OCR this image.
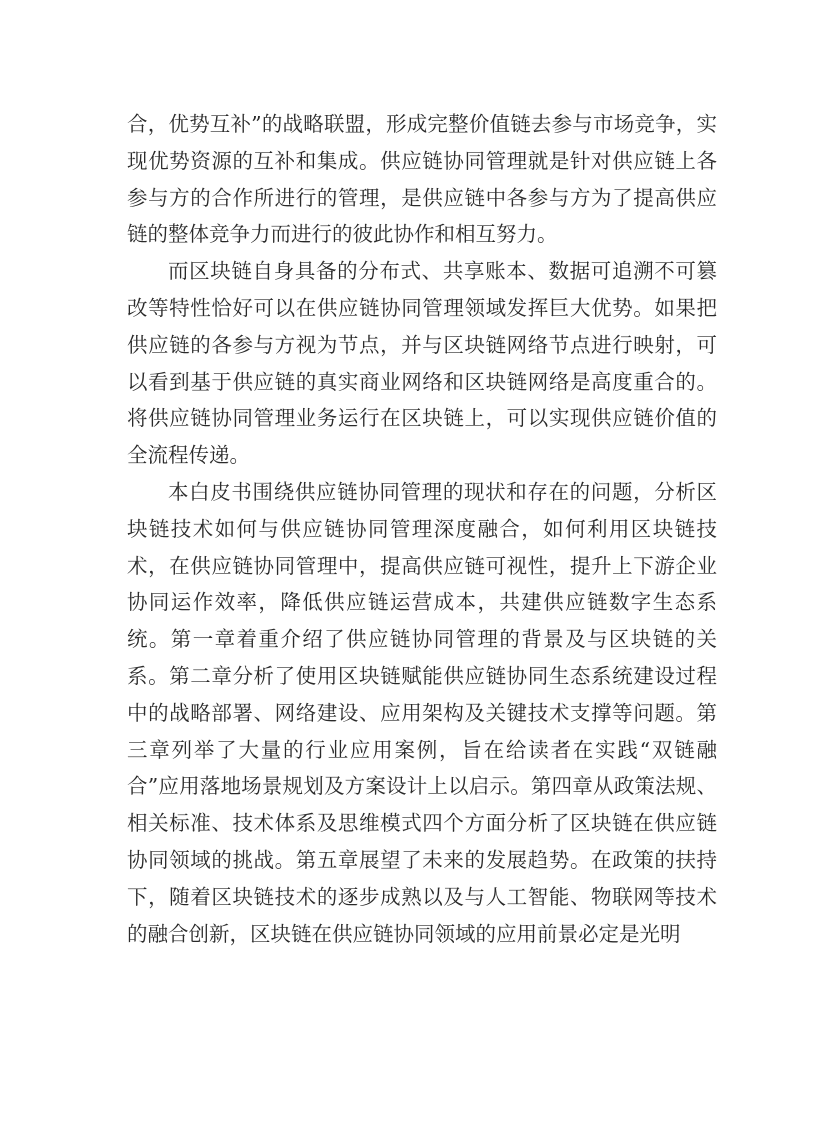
合，优势互补”的战略联盟，形成完整价值链去参与市场竞争，实现优势资源的互补和集成。供应链协同管理就是针对供应链上各参与方的合作所进行的管理，是供应链中各参与方为了提高供应链的整体竞争力而进行的彼此协作和相互努力。

而区块链自身具备的分布式、共享账本、数据可追溯不可篡改等特性恰好可以在供应链协同管理领域发挥巨大优势。如果把供应链的各参与方视为节点，并与区块链网络节点进行映射，可以看到基于供应链的真实商业网络和区块链网络是高度重合的。将供应链协同管理业务运行在区块链上，可以实现供应链价值的全流程传递。

本白皮书围绕供应链协同管理的现状和存在的问题，分析区块链技术如何与供应链协同管理深度融合，如何利用区块链技术，在供应链协同管理中，提高供应链可视性，提升上下游企业协同运作效率，降低供应链运营成本，共建供应链数字生态系统。第一章着重介绍了供应链协同管理的背景及与区块链的关系。第二章分析了使用区块链赋能供应链协同生态系统建设过程中的战略部署、网络建设、应用架构及关键技术支撑等问题。第三章列举了大量的行业应用案例，旨在给读者在实践“双链融合”应用落地场景规划及方案设计上以启示。第四章从政策法规、相关标准、技术体系及思维模式四个方面分析了区块链在供应链协同领域的挑战。第五章展望了未来的发展趋势。在政策的扶持下，随着区块链技术的逐步成熟以及与人工智能、物联网等技术的融合创新，区块链在供应链协同领域的应用前景必定是光明
